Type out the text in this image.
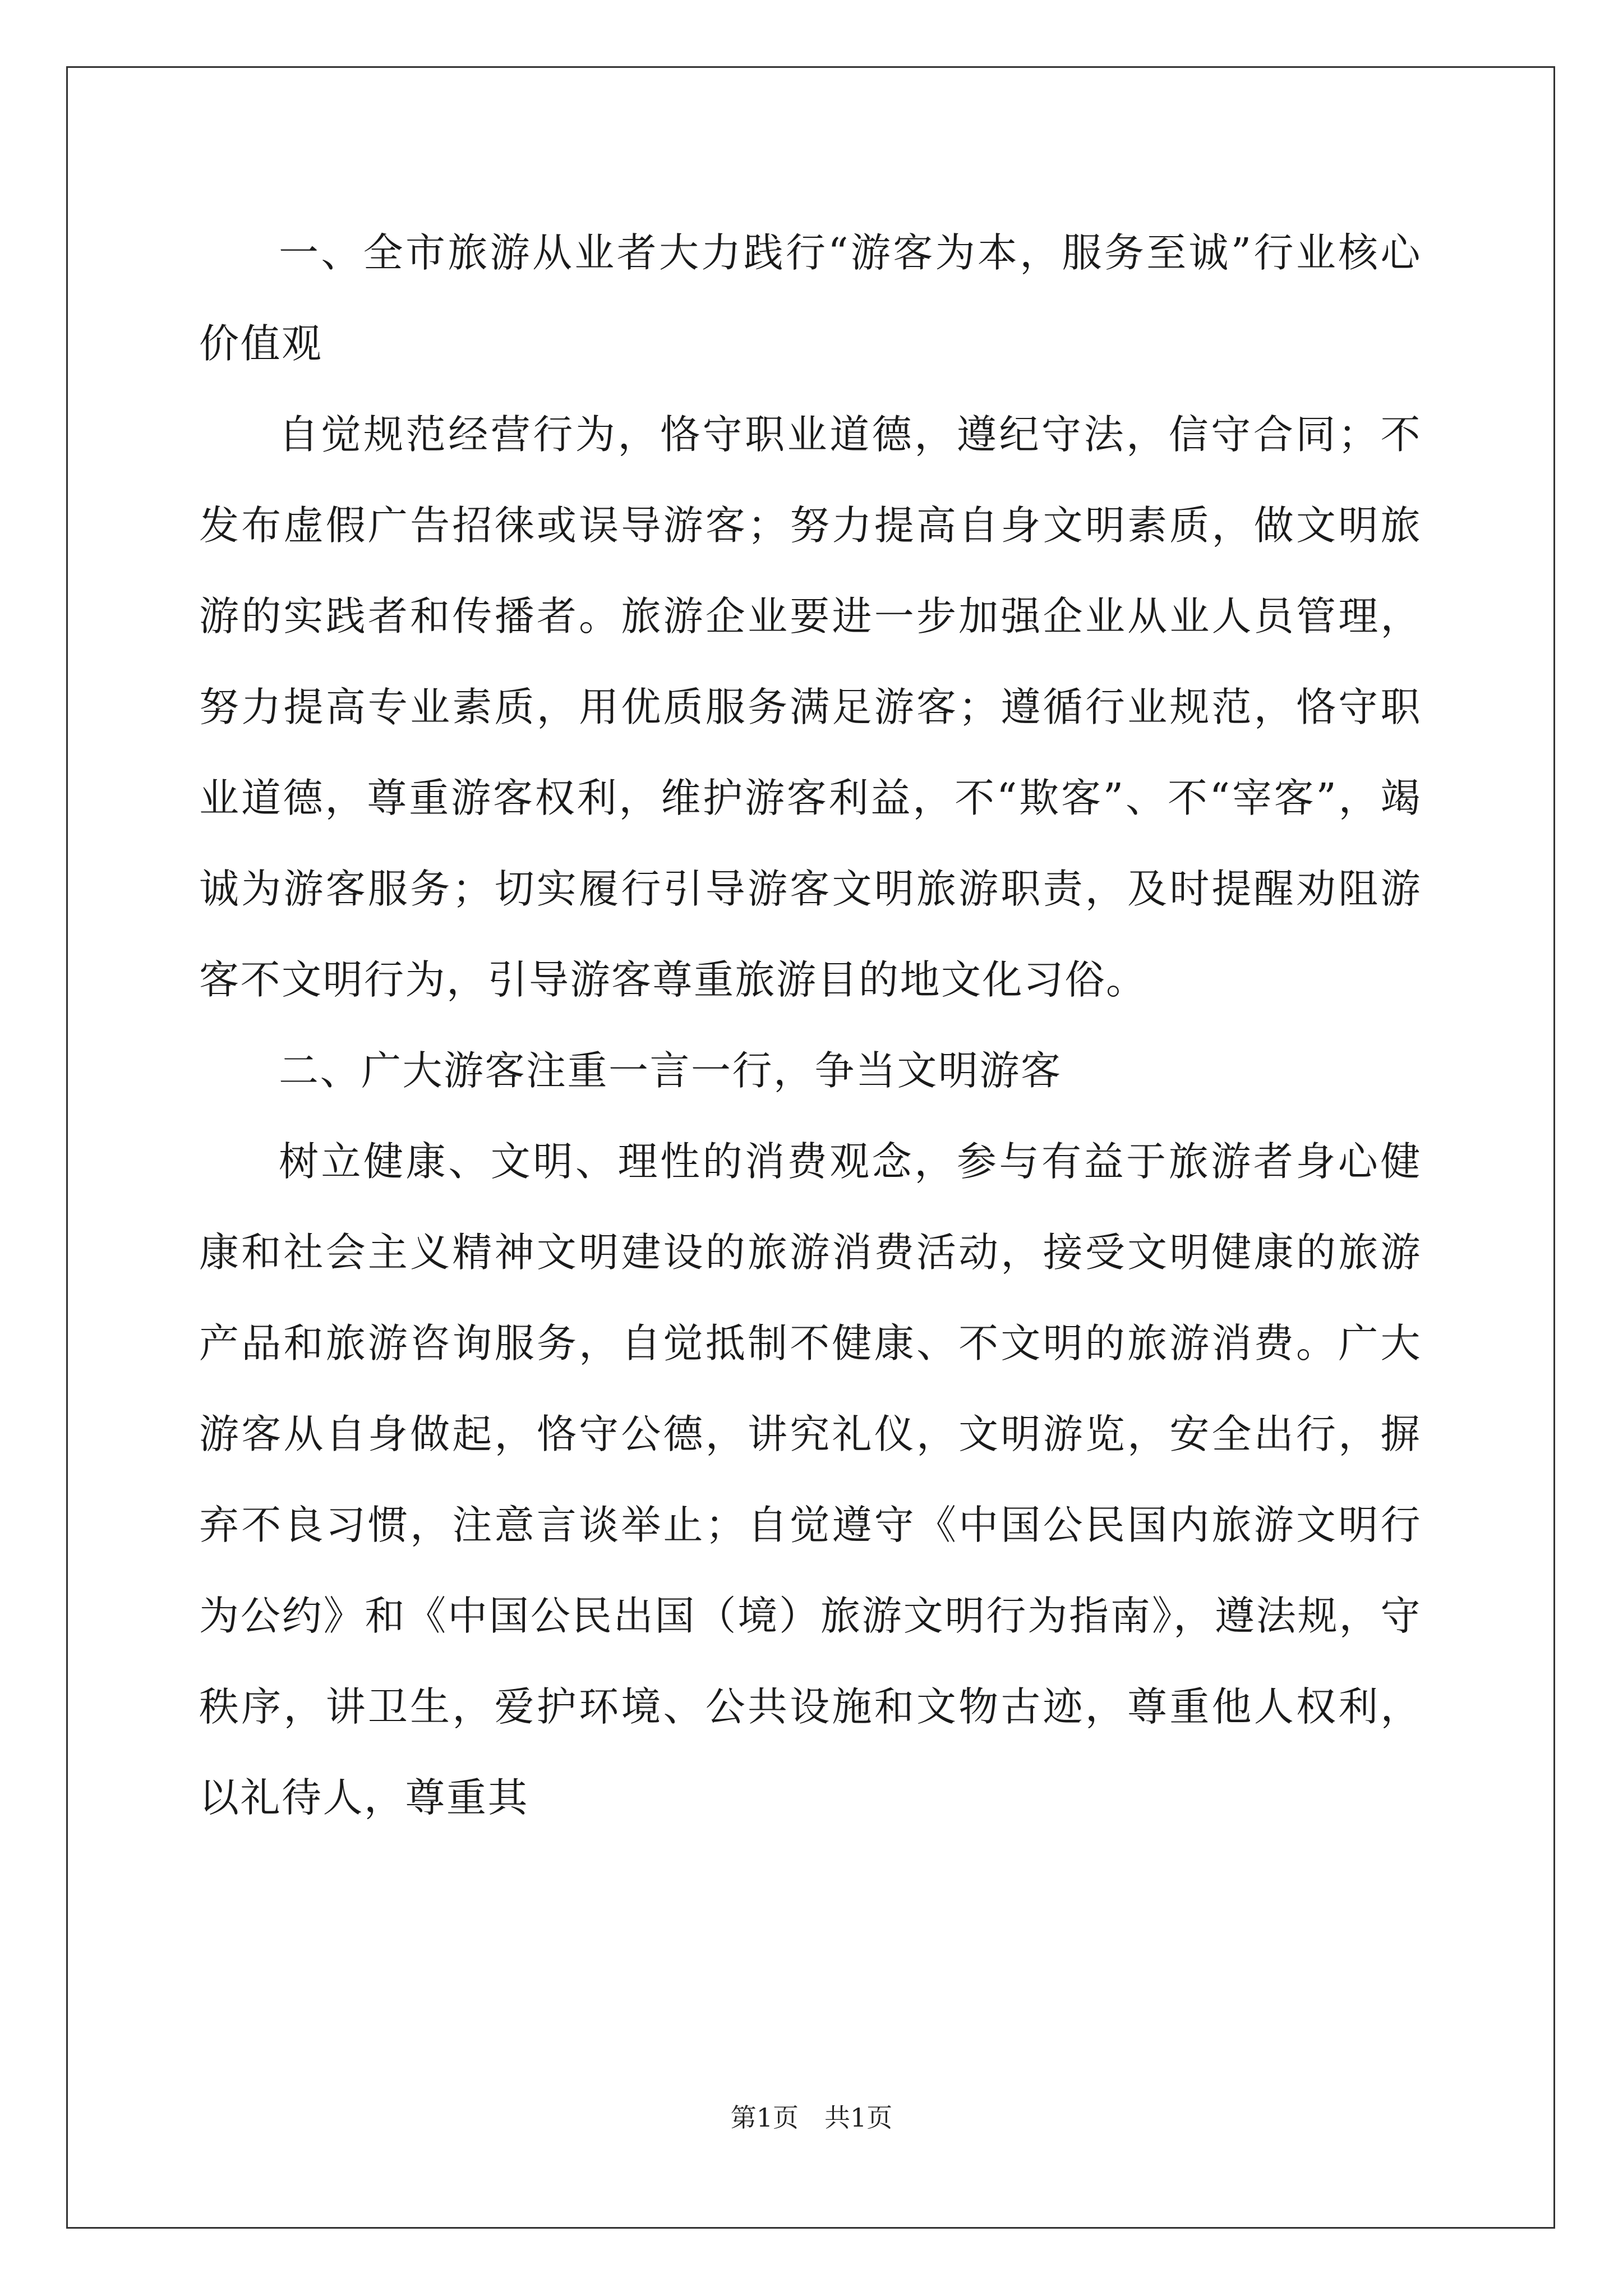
一、全市旅游从业者大力践行“游客为本，服务至诚”行业核心价值观

自觉规范经营行为，恪守职业道德，遵纪守法，信守合同；不发布虚假广告招徕或误导游客；努力提高自身文明素质，做文明旅游的实践者和传播者。旅游企业要进一步加强企业从业人员管理，努力提高专业素质，用优质服务满足游客；遵循行业规范，恪守职业道德，尊重游客权利，维护游客利益，不“欺客”、不“宰客”，竭诚为游客服务；切实履行引导游客文明旅游职责，及时提醒劝阻游客不文明行为，引导游客尊重旅游目的地文化习俗。

二、广大游客注重一言一行，争当文明游客

树立健康、文明、理性的消费观念，参与有益于旅游者身心健康和社会主义精神文明建设的旅游消费活动，接受文明健康的旅游产品和旅游咨询服务，自觉抵制不健康、不文明的旅游消费。广大游客从自身做起，恪守公德，讲究礼仪，文明游览，安全出行，摒弃不良习惯，注意言谈举止；自觉遵守《中国公民国内旅游文明行为公约》和《中国公民出国（境）旅游文明行为指南》，遵法规，守秩序，讲卫生，爱护环境、公共设施和文物古迹，尊重他人权利，以礼待人，尊重其

第1页　共1页
